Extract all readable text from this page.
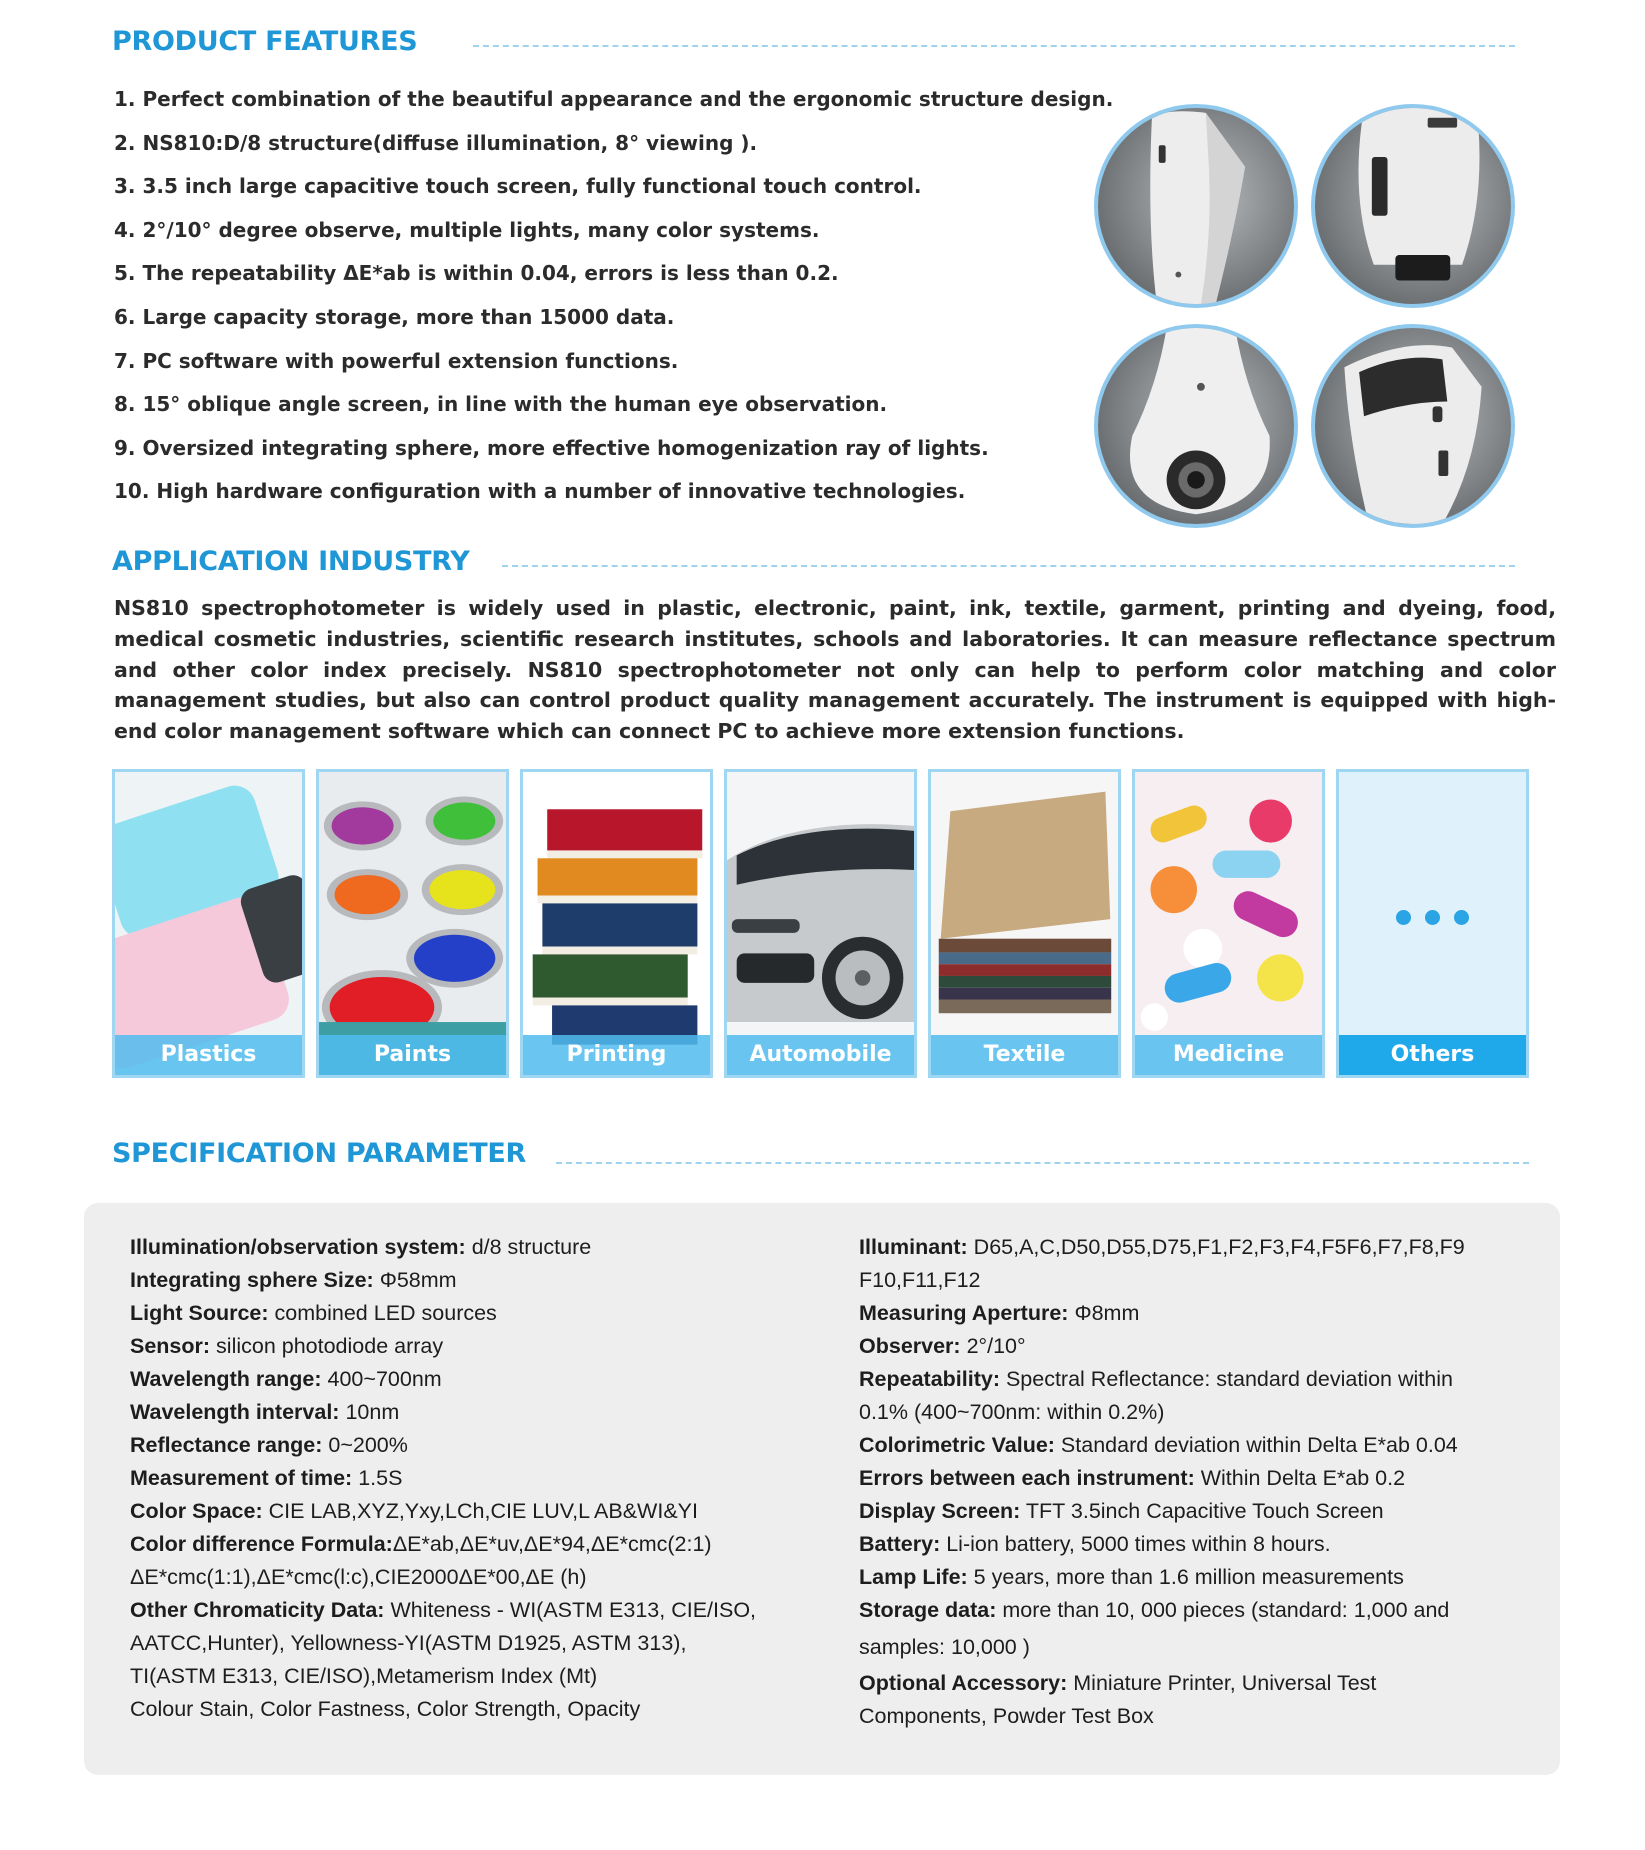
PRODUCT FEATURES
1. Perfect combination of the beautiful appearance and the ergonomic structure design.
2. NS810:D/8 structure(diffuse illumination, 8° viewing ).
3. 3.5 inch large capacitive touch screen, fully functional touch control.
4. 2°/10° degree observe, multiple lights, many color systems.
5. The repeatability ΔE*ab is within 0.04, errors is less than 0.2.
6. Large capacity storage, more than 15000 data.
7. PC software with powerful extension functions.
8. 15° oblique angle screen, in line with the human eye observation.
9. Oversized integrating sphere, more effective homogenization ray of lights.
10. High hardware configuration with a number of innovative technologies.
APPLICATION INDUSTRY

NS810 spectrophotometer is widely used in plastic, electronic, paint, ink, textile, garment, printing and dyeing, food, medical cosmetic industries, scientific research institutes, schools and laboratories. It can measure reflectance spectrum and other color index precisely. NS810 spectrophotometer not only can help to perform color matching and color management studies, but also can control product quality management accurately. The instrument is equipped with high-end color management software which can connect PC to achieve more extension functions.

Plastics	Paints	Printing	Automobile	Textile	Medicine	Others
SPECIFICATION PARAMETER
Illumination/observation system: d/8 structure
Integrating sphere Size: Φ58mm
Light Source: combined LED sources
Sensor: silicon photodiode array
Wavelength range: 400~700nm
Wavelength interval: 10nm
Reflectance range: 0~200%
Measurement of time: 1.5S
Color Space: CIE LAB,XYZ,Yxy,LCh,CIE LUV,L AB&WI&YI
Color difference Formula:ΔE*ab,ΔE*uv,ΔE*94,ΔE*cmc(2:1)
ΔE*cmc(1:1),ΔE*cmc(l:c),CIE2000ΔE*00,ΔE (h)
Other Chromaticity Data: Whiteness - WI(ASTM E313, CIE/ISO,
AATCC,Hunter), Yellowness-YI(ASTM D1925, ASTM 313),
TI(ASTM E313, CIE/ISO),Metamerism Index (Mt)
Colour Stain, Color Fastness, Color Strength, Opacity
Illuminant: D65,A,C,D50,D55,D75,F1,F2,F3,F4,F5F6,F7,F8,F9
F10,F11,F12
Measuring Aperture: Φ8mm
Observer: 2°/10°
Repeatability: Spectral Reflectance: standard deviation within
0.1% (400~700nm: within 0.2%)
Colorimetric Value: Standard deviation within Delta E*ab 0.04
Errors between each instrument: Within Delta E*ab 0.2
Display Screen: TFT 3.5inch Capacitive Touch Screen
Battery: Li-ion battery, 5000 times within 8 hours.
Lamp Life: 5 years, more than 1.6 million measurements
Storage data: more than 10, 000 pieces (standard: 1,000 and
samples: 10,000 )
Optional Accessory: Miniature Printer, Universal Test
Components, Powder Test Box
